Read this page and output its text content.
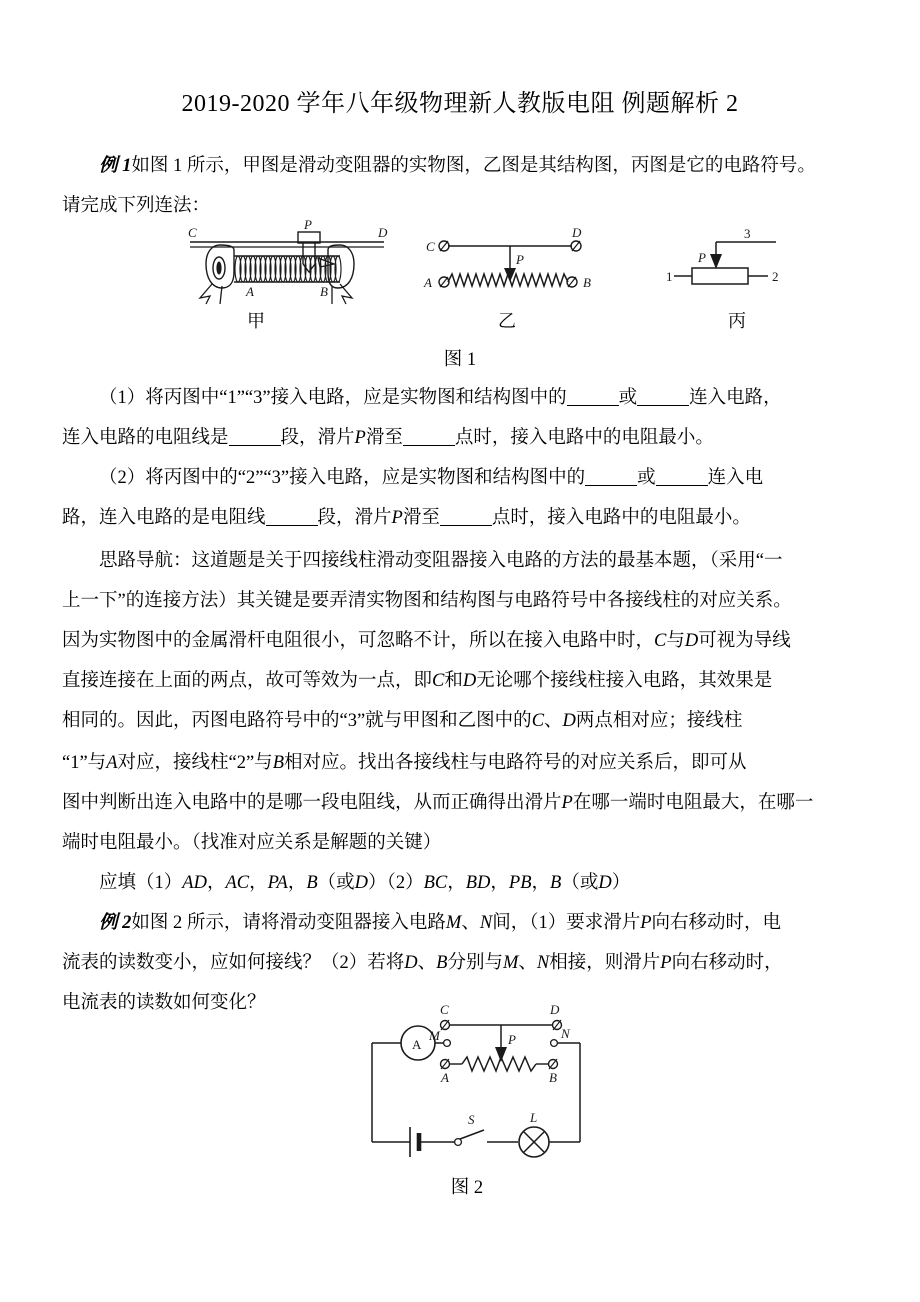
2019-2020 学年八年级物理新人教版电阻 例题解析 2
例 1如图 1 所示，甲图是滑动变阻器的实物图，乙图是其结构图，丙图是它的电路符号。
请完成下列连法：
C	D
P
A	B
甲
C
D
P
A	B
乙
3
P
1	2
丙
图 1
（1）将丙图中“1”“3”接入电路，应是实物图和结构图中的	或	连入电路，
连入电路的电阻线是	段，滑片P滑至	点时，接入电路中的电阻最小。
（2）将丙图中的“2”“3”接入电路，应是实物图和结构图中的	或	连入电
路，连入电路的是电阻线	段，滑片P滑至	点时，接入电路中的电阻最小。
思路导航：这道题是关于四接线柱滑动变阻器接入电路的方法的最基本题，（采用“一
上一下”的连接方法）其关键是要弄清实物图和结构图与电路符号中各接线柱的对应关系。
因为实物图中的金属滑杆电阻很小，可忽略不计，所以在接入电路中时，C与D可视为导线
直接连接在上面的两点，故可等效为一点，即C和D无论哪个接线柱接入电路，其效果是
相同的。因此，丙图电路符号中的“3”就与甲图和乙图中的C、D两点相对应；接线柱
“1”与A对应，接线柱“2”与B相对应。找出各接线柱与电路符号的对应关系后，即可从
图中判断出连入电路中的是哪一段电阻线，从而正确得出滑片P在哪一端时电阻最大，在哪一
端时电阻最小。（找准对应关系是解题的关键）
应填（1）AD，AC，PA，B（或D）（2）BC，BD，PB，B（或D）
例 2如图 2 所示，请将滑动变阻器接入电路M、N间，（1）要求滑片P向右移动时，电
流表的读数变小，应如何接线？（2）若将D、B分别与M、N相接，则滑片P向右移动时，
电流表的读数如何变化？
A
C	D
M	N
A	B
P
S	L
图 2
